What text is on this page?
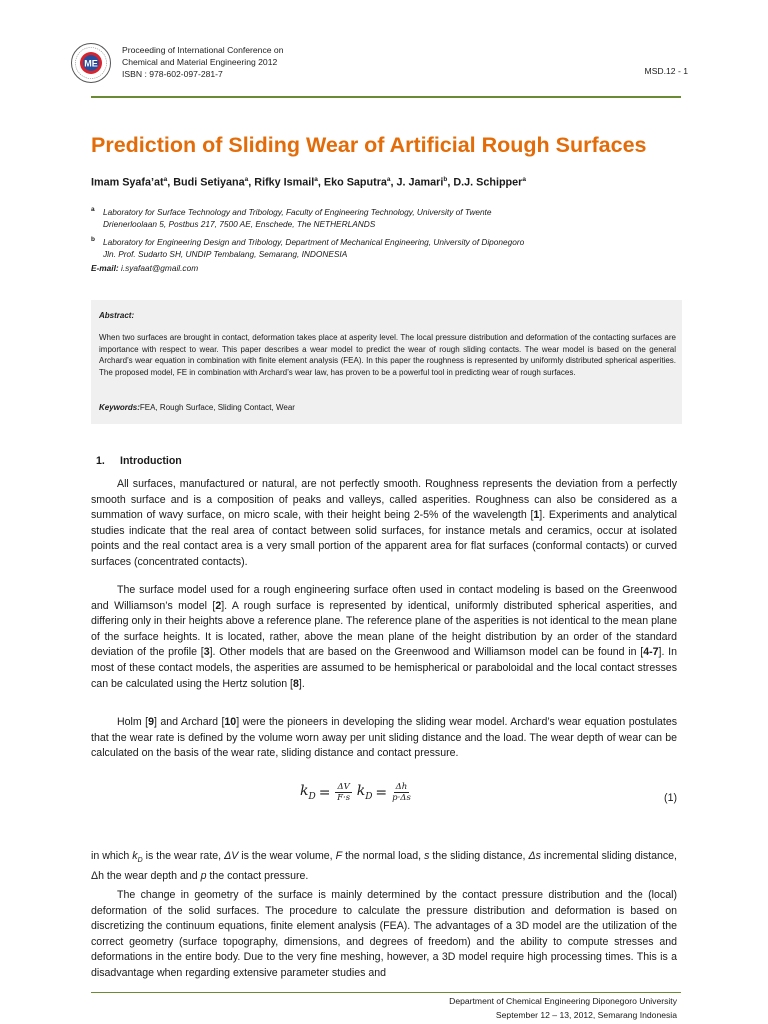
ME
Proceeding of International Conference on
Chemical and Material Engineering 2012
ISBN : 978-602-097-281-7	MSD.12 - 1
Prediction of Sliding Wear of Artificial Rough Surfaces
Imam $Syafa’at^a$, Budi Setiyana$^a$, Rifky Ismail$^a$, Eko Saputra$^a$, J. Jamari$^b$, D.J. Schipper$^a$
a	Laboratory for Surface Technology and Tribology, Faculty of Engineering Technology, University of Twente
Drienerloolaan 5, Postbus 217, 7500 AE, Enschede, The NETHERLANDS
b Laboratory for Engineering Design and Tribology, Department of Mechanical Engineering, University of Diponegoro
Jln. Prof. Sudarto SH, UNDIP Tembalang, Semarang, INDONESIA
E-mail: i.syafaat@gmail.com
Abstract:
When two surfaces are brought in contact, deformation takes place at asperity level. The local pressure distribution and deformation of the contacting surfaces are importance with respect to wear. This paper describes a wear model to predict the wear of rough sliding contacts. The wear model is based on the general Archard’s wear equation in combination with finite element analysis (FEA). In this paper the roughness is represented by uniformly distributed spherical asperities. The proposed model, FE in combination with Archard’s wear law, has proven to be a powerful tool in predicting wear of rough surfaces.
Keywords:FEA, Rough Surface, Sliding Contact, Wear
1. Introduction

All surfaces, manufactured or natural, are not perfectly smooth. Roughness represents the deviation from a perfectly smooth surface and is a composition of peaks and valleys, called asperities. Roughness can also be considered as a summation of wavy surface, on micro scale, with their height being 2-5% of the wavelength [1]. Experiments and analytical studies indicate that the real area of contact between solid surfaces, for instance metals and ceramics, occur at isolated points and the real contact area is a very small portion of the apparent area for flat surfaces (conformal contacts) or curved surfaces (concentrated contacts).

The surface model used for a rough engineering surface often used in contact modeling is based on the Greenwood and Williamson’s model [2]. A rough surface is represented by identical, uniformly distributed spherical asperities, and differing only in their heights above a reference plane. The reference plane of the asperities is not identical to the mean plane of the surface heights. It is located, rather, above the mean plane of the height distribution by an order of the standard deviation of the profile [3]. Other models that are based on the Greenwood and Williamson model can be found in [4-7]. In most of these contact models, the asperities are assumed to be hemispherical or paraboloidal and the local contact stresses can be calculated using the Hertz solution [8].

Holm [9] and Archard [10] were the pioneers in developing the sliding wear model. Archard’s wear equation postulates that the wear rate is defined by the volume worn away per unit sliding distance and the load. The wear depth of wear can be calculated on the basis of the wear rate, sliding distance and contact pressure.

$k_D = \frac{\Delta V}{F\cdot s} k_D = \frac{\Delta h}{p\cdot\Delta s}$	(1)

in which $k_D$ is the wear rate, ΔV is the wear volume, F the normal load, s the sliding distance, Δs incremental sliding distance, Δh the wear depth and p the contact pressure.

The change in geometry of the surface is mainly determined by the contact pressure distribution and the (local) deformation of the solid surfaces. The procedure to calculate the pressure distribution and deformation is based on discretizing the continuum equations, finite element analysis (FEA). The advantages of a 3D model are the utilization of the correct geometry (surface topography, dimensions, and degrees of freedom) and the ability to compute stresses and deformations in the entire body. Due to the very fine meshing, however, a 3D model require high processing times. This is a disadvantage when regarding extensive parameter studies and

Department of Chemical Engineering Diponegoro University
September 12 – 13, 2012, Semarang Indonesia
